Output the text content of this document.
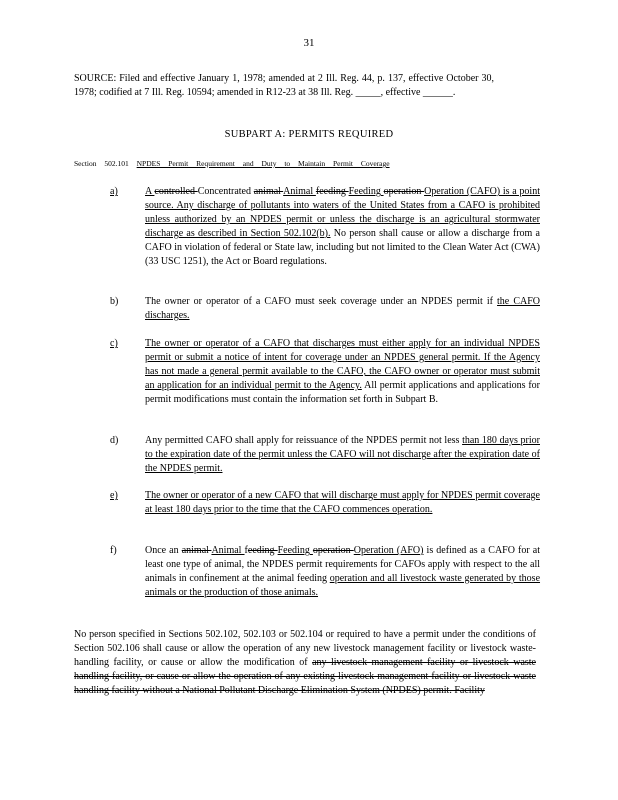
31
SOURCE: Filed and effective January 1, 1978; amended at 2 Ill. Reg. 44, p. 137, effective October 30, 1978; codified at 7 Ill. Reg. 10594; amended in R12-23 at 38 Ill. Reg. _____, effective ______.
SUBPART A: PERMITS REQUIRED
Section 502.101 NPDES Permit Requirement and Duty to Maintain Permit Coverage
a)	A controlled Concentrated animal Animal feeding Feeding operation Operation (CAFO) is a point source. Any discharge of pollutants into waters of the United States from a CAFO is prohibited unless authorized by an NPDES permit or unless the discharge is an agricultural stormwater discharge as described in Section 502.102(b). No person shall cause or allow a discharge from a CAFO in violation of federal or State law, including but not limited to the Clean Water Act (CWA) (33 USC 1251), the Act or Board regulations.
b)	The owner or operator of a CAFO must seek coverage under an NPDES permit if the CAFO discharges.
c)	The owner or operator of a CAFO that discharges must either apply for an individual NPDES permit or submit a notice of intent for coverage under an NPDES general permit. If the Agency has not made a general permit available to the CAFO, the CAFO owner or operator must submit an application for an individual permit to the Agency. All permit applications and applications for permit modifications must contain the information set forth in Subpart B.
d)	Any permitted CAFO shall apply for reissuance of the NPDES permit not less than 180 days prior to the expiration date of the permit unless the CAFO will not discharge after the expiration date of the NPDES permit.
e)	The owner or operator of a new CAFO that will discharge must apply for NPDES permit coverage at least 180 days prior to the time that the CAFO commences operation.
f)	Once an animal Animal feeding Feeding operation Operation (AFO) is defined as a CAFO for at least one type of animal, the NPDES permit requirements for CAFOs apply with respect to the all animals in confinement at the animal feeding operation and all livestock waste generated by those animals or the production of those animals.
No person specified in Sections 502.102, 502.103 or 502.104 or required to have a permit under the conditions of Section 502.106 shall cause or allow the operation of any new livestock management facility or livestock waste-handling facility, or cause or allow the modification of any livestock management facility or livestock waste handling facility, or cause or allow the operation of any existing livestock management facility or livestock waste handling facility without a National Pollutant Discharge Elimination System (NPDES) permit. Facility
